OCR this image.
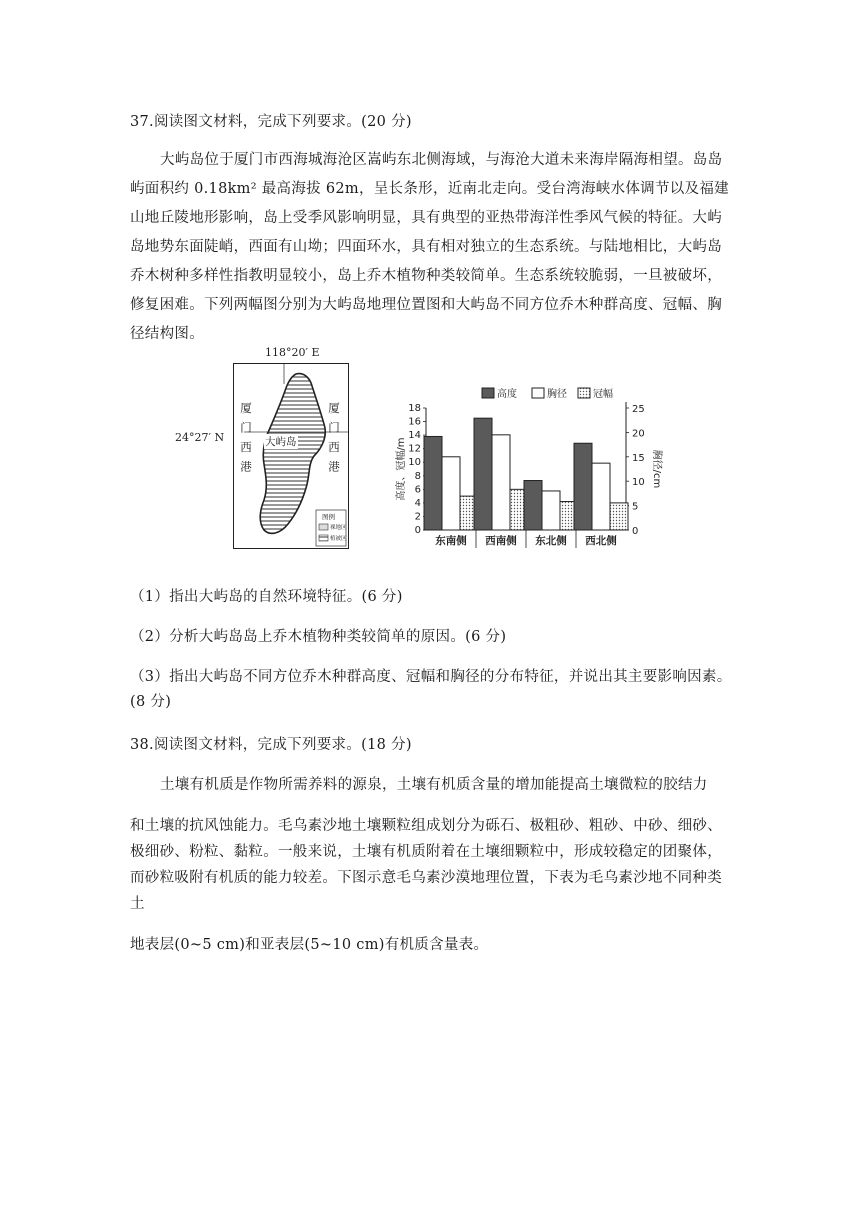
37.阅读图文材料，完成下列要求。(20 分)
大屿岛位于厦门市西海城海沧区嵩屿东北侧海域，与海沧大道未来海岸隔海相望。岛岛
屿面积约 0.18km² 最高海拔 62m，呈长条形，近南北走向。受台湾海峡水体调节以及福建
山地丘陵地形影响，岛上受季风影响明显，具有典型的亚热带海洋性季风气候的特征。大屿
岛地势东面陡峭，西面有山坳；四面环水，具有相对独立的生态系统。与陆地相比，大屿岛
乔木树种多样性指教明显较小，岛上乔木植物种类较简单。生态系统较脆弱，一旦被破坏，
修复困难。下列两幅图分别为大屿岛地理位置图和大屿岛不同方位乔木种群高度、冠幅、胸
径结构图。
118°20′ E
24°27′ N 厦门西港	厦门西港
大屿岛
图例
裸地区
植被区
0
2
4
6
8
10
12
14
16
18
0
5
10
15
20
25
高度、冠幅/m	胸径/cm
东南侧 西南侧 东北侧 西北侧
高度	胸径	冠幅
（1）指出大屿岛的自然环境特征。(6 分)
（2）分析大屿岛岛上乔木植物种类较简单的原因。(6 分)
（3）指出大屿岛不同方位乔木种群高度、冠幅和胸径的分布特征，并说出其主要影响因素。
(8 分)
38.阅读图文材料，完成下列要求。(18 分)
土壤有机质是作物所需养料的源泉，土壤有机质含量的增加能提高土壤微粒的胶结力
和土壤的抗风蚀能力。毛乌素沙地土壤颗粒组成划分为砾石、极粗砂、粗砂、中砂、细砂、
极细砂、粉粒、黏粒。一般来说，土壤有机质附着在土壤细颗粒中，形成较稳定的团聚体，
而砂粒吸附有机质的能力较差。下图示意毛乌素沙漠地理位置，下表为毛乌素沙地不同种类
土
地表层(0~5 cm)和亚表层(5~10 cm)有机质含量表。
